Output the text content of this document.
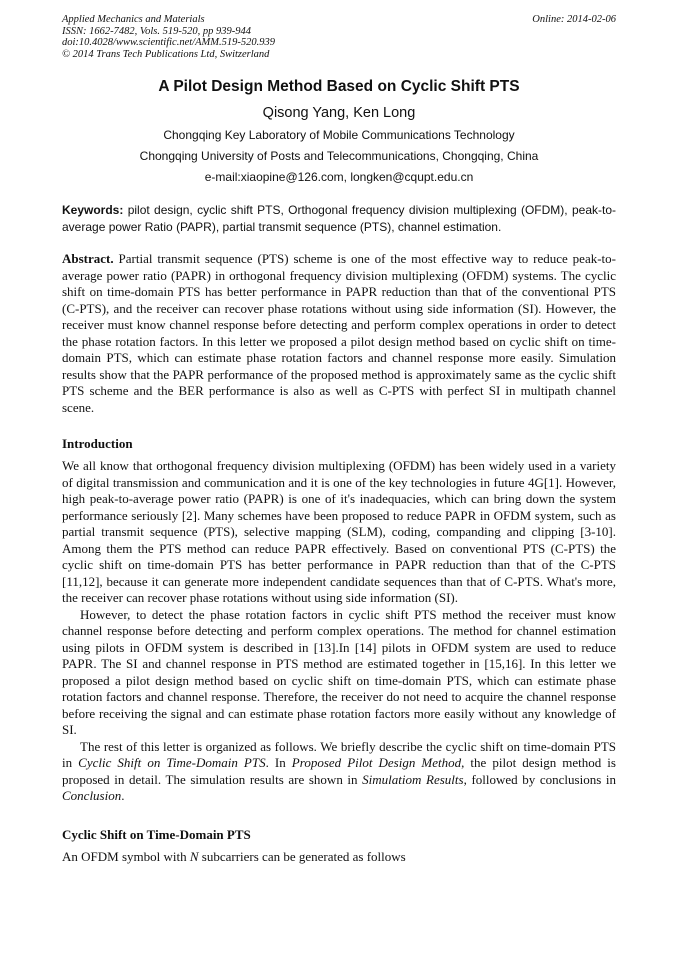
Applied Mechanics and Materials
ISSN: 1662-7482, Vols. 519-520, pp 939-944
doi:10.4028/www.scientific.net/AMM.519-520.939
© 2014 Trans Tech Publications Ltd, Switzerland
Online: 2014-02-06
A Pilot Design Method Based on Cyclic Shift PTS
Qisong Yang, Ken Long
Chongqing Key Laboratory of Mobile Communications Technology
Chongqing University of Posts and Telecommunications, Chongqing, China
e-mail:xiaopine@126.com, longken@cqupt.edu.cn
Keywords: pilot design, cyclic shift PTS, Orthogonal frequency division multiplexing (OFDM), peak-to-average power Ratio (PAPR), partial transmit sequence (PTS), channel estimation.
Abstract. Partial transmit sequence (PTS) scheme is one of the most effective way to reduce peak-to-average power ratio (PAPR) in orthogonal frequency division multiplexing (OFDM) systems. The cyclic shift on time-domain PTS has better performance in PAPR reduction than that of the conventional PTS (C-PTS), and the receiver can recover phase rotations without using side information (SI). However, the receiver must know channel response before detecting and perform complex operations in order to detect the phase rotation factors. In this letter we proposed a pilot design method based on cyclic shift on time-domain PTS, which can estimate phase rotation factors and channel response more easily. Simulation results show that the PAPR performance of the proposed method is approximately same as the cyclic shift PTS scheme and the BER performance is also as well as C-PTS with perfect SI in multipath channel scene.
Introduction

We all know that orthogonal frequency division multiplexing (OFDM) has been widely used in a variety of digital transmission and communication and it is one of the key technologies in future 4G[1]. However, high peak-to-average power ratio (PAPR) is one of it's inadequacies, which can bring down the system performance seriously [2]. Many schemes have been proposed to reduce PAPR in OFDM system, such as partial transmit sequence (PTS), selective mapping (SLM), coding, companding and clipping [3-10]. Among them the PTS method can reduce PAPR effectively. Based on conventional PTS (C-PTS) the cyclic shift on time-domain PTS has better performance in PAPR reduction than that of the C-PTS [11,12], because it can generate more independent candidate sequences than that of C-PTS. What's more, the receiver can recover phase rotations without using side information (SI).

However, to detect the phase rotation factors in cyclic shift PTS method the receiver must know channel response before detecting and perform complex operations. The method for channel estimation using pilots in OFDM system is described in [13].In [14] pilots in OFDM system are used to reduce PAPR. The SI and channel response in PTS method are estimated together in [15,16]. In this letter we proposed a pilot design method based on cyclic shift on time-domain PTS, which can estimate phase rotation factors and channel response. Therefore, the receiver do not need to acquire the channel response before receiving the signal and can estimate phase rotation factors more easily without any knowledge of SI.

The rest of this letter is organized as follows. We briefly describe the cyclic shift on time-domain PTS in Cyclic Shift on Time-Domain PTS. In Proposed Pilot Design Method, the pilot design method is proposed in detail. The simulation results are shown in Simulatiom Results, followed by conclusions in Conclusion.

Cyclic Shift on Time-Domain PTS

An OFDM symbol with N subcarriers can be generated as follows
